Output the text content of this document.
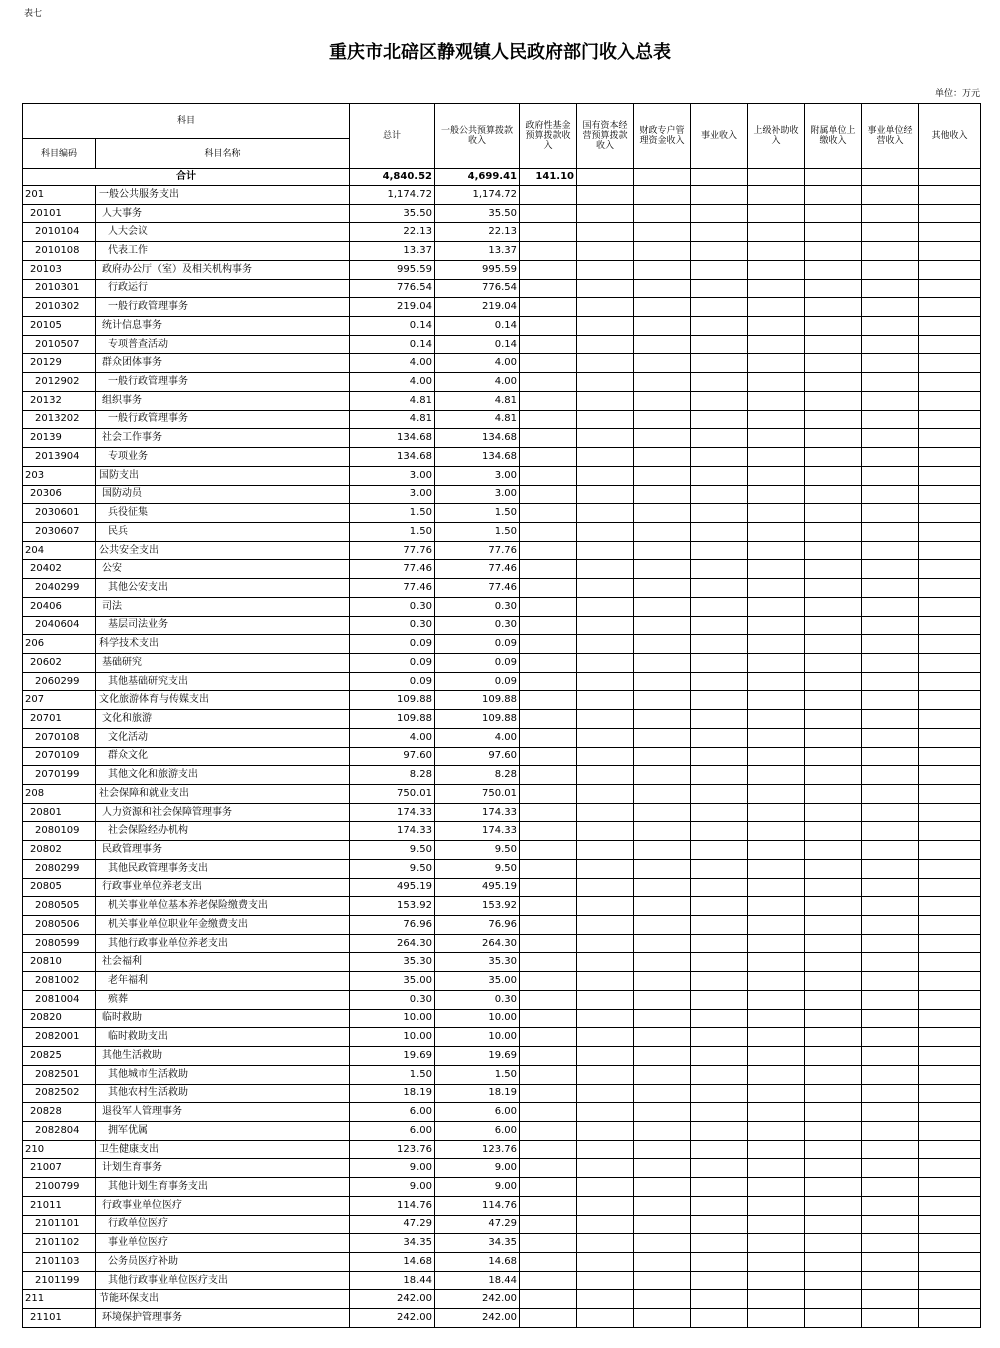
表七
重庆市北碚区静观镇人民政府部门收入总表
单位：万元
科目		总计	一般公共预算拨款收入	政府性基金预算拨款收入	国有资本经营预算拨款收入	财政专户管理资金收入	事业收入	上级补助收入	附属单位上缴收入	事业单位经营收入	其他收入
科目编码	科目名称										
合计		4,840.52	4,699.41	141.10							
201	一般公共服务支出	1,174.72	1,174.72								
20101	人大事务	35.50	35.50								
2010104	人大会议	22.13	22.13								
2010108	代表工作	13.37	13.37								
20103	政府办公厅（室）及相关机构事务	995.59	995.59								
2010301	行政运行	776.54	776.54								
2010302	一般行政管理事务	219.04	219.04								
20105	统计信息事务	0.14	0.14								
2010507	专项普查活动	0.14	0.14								
20129	群众团体事务	4.00	4.00								
2012902	一般行政管理事务	4.00	4.00								
20132	组织事务	4.81	4.81								
2013202	一般行政管理事务	4.81	4.81								
20139	社会工作事务	134.68	134.68								
2013904	专项业务	134.68	134.68								
203	国防支出	3.00	3.00								
20306	国防动员	3.00	3.00								
2030601	兵役征集	1.50	1.50								
2030607	民兵	1.50	1.50								
204	公共安全支出	77.76	77.76								
20402	公安	77.46	77.46								
2040299	其他公安支出	77.46	77.46								
20406	司法	0.30	0.30								
2040604	基层司法业务	0.30	0.30								
206	科学技术支出	0.09	0.09								
20602	基础研究	0.09	0.09								
2060299	其他基础研究支出	0.09	0.09								
207	文化旅游体育与传媒支出	109.88	109.88								
20701	文化和旅游	109.88	109.88								
2070108	文化活动	4.00	4.00								
2070109	群众文化	97.60	97.60								
2070199	其他文化和旅游支出	8.28	8.28								
208	社会保障和就业支出	750.01	750.01								
20801	人力资源和社会保障管理事务	174.33	174.33								
2080109	社会保险经办机构	174.33	174.33								
20802	民政管理事务	9.50	9.50								
2080299	其他民政管理事务支出	9.50	9.50								
20805	行政事业单位养老支出	495.19	495.19								
2080505	机关事业单位基本养老保险缴费支出	153.92	153.92								
2080506	机关事业单位职业年金缴费支出	76.96	76.96								
2080599	其他行政事业单位养老支出	264.30	264.30								
20810	社会福利	35.30	35.30								
2081002	老年福利	35.00	35.00								
2081004	殡葬	0.30	0.30								
20820	临时救助	10.00	10.00								
2082001	临时救助支出	10.00	10.00								
20825	其他生活救助	19.69	19.69								
2082501	其他城市生活救助	1.50	1.50								
2082502	其他农村生活救助	18.19	18.19								
20828	退役军人管理事务	6.00	6.00								
2082804	拥军优属	6.00	6.00								
210	卫生健康支出	123.76	123.76								
21007	计划生育事务	9.00	9.00								
2100799	其他计划生育事务支出	9.00	9.00								
21011	行政事业单位医疗	114.76	114.76								
2101101	行政单位医疗	47.29	47.29								
2101102	事业单位医疗	34.35	34.35								
2101103	公务员医疗补助	14.68	14.68								
2101199	其他行政事业单位医疗支出	18.44	18.44								
211	节能环保支出	242.00	242.00								
21101	环境保护管理事务	242.00	242.00								
